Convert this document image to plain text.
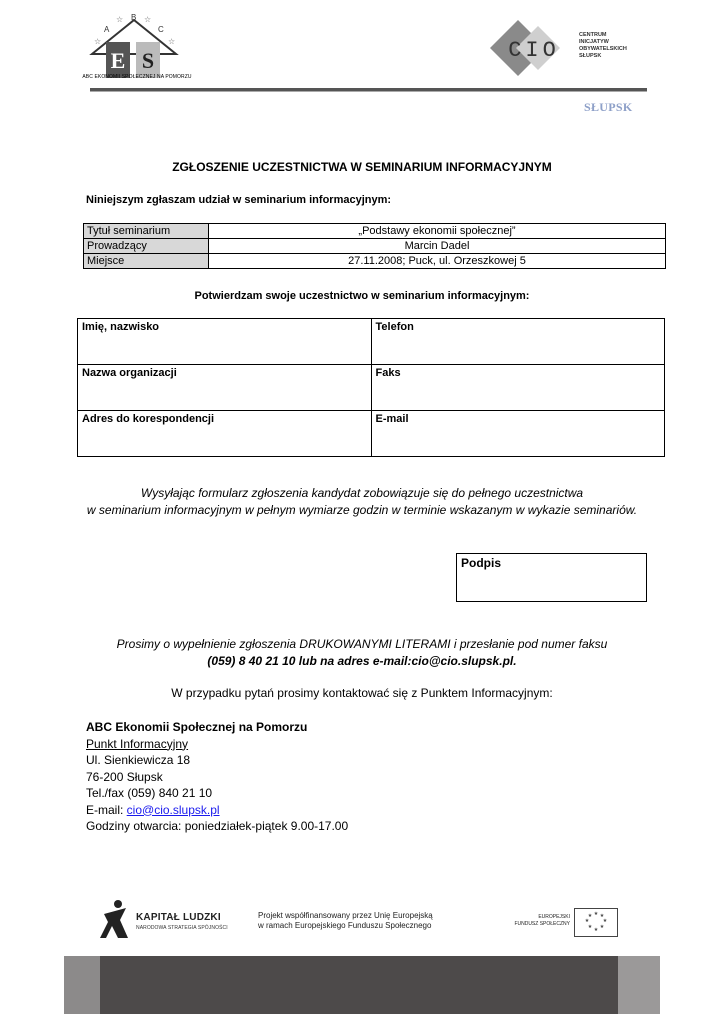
E S
A
B
C
☆	☆
☆	☆
ABC EKONOMII SPOŁECZNEJ NA POMORZU
CIO
CENTRUM
INICJATYW
OBYWATELSKICH
SŁUPSK
SŁUPSK
ZGŁOSZENIE UCZESTNICTWA W SEMINARIUM INFORMACYJNYM
Niniejszym zgłaszam udział w seminarium informacyjnym:
Tytuł seminarium	„Podstawy ekonomii społecznej”
Prowadzący	Marcin Dadel
Miejsce	27.11.2008; Puck, ul. Orzeszkowej 5
Potwierdzam swoje uczestnictwo w seminarium informacyjnym:
Imię, nazwisko	Telefon
Nazwa organizacji	Faks
Adres do korespondencji	E-mail
Wysyłając formularz zgłoszenia kandydat zobowiązuje się do pełnego uczestnictwa
w seminarium informacyjnym w pełnym wymiarze godzin w terminie wskazanym w wykazie seminariów.
Podpis
Prosimy o wypełnienie zgłoszenia DRUKOWANYMI LITERAMI i przesłanie pod numer faksu
(059) 8 40 21 10 lub na adres e-mail:cio@cio.slupsk.pl.
W przypadku pytań prosimy kontaktować się z Punktem Informacyjnym:
ABC Ekonomii Społecznej na Pomorzu
Punkt Informacyjny
Ul. Sienkiewicza 18
76-200 Słupsk
Tel./fax (059) 840 21 10
E-mail: cio@cio.slupsk.pl
Godziny otwarcia: poniedziałek-piątek 9.00-17.00
KAPITAŁ LUDZKI
NARODOWA STRATEGIA SPÓJNOŚCI
Projekt współfinansowany przez Unię Europejską
w ramach Europejskiego Funduszu Społecznego
EUROPEJSKI
FUNDUSZ SPOŁECZNY
★ ★
★
★
★
★
★
★
